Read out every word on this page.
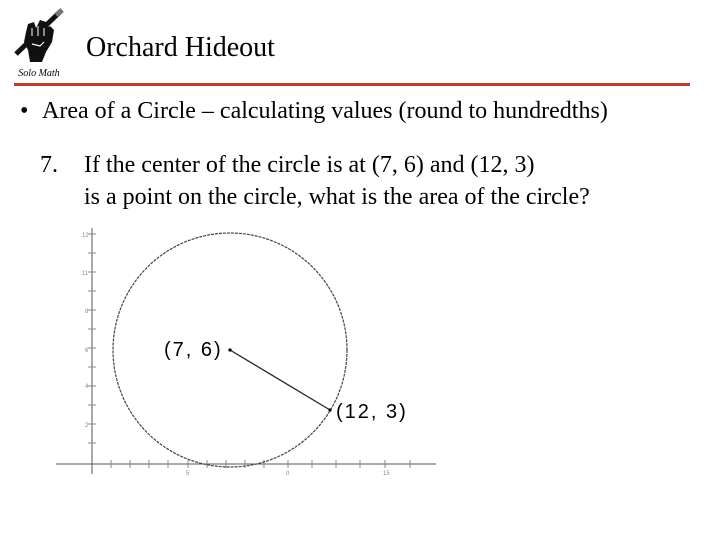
Solo Math
Orchard Hideout
• Area of a Circle – calculating values (round to hundredths)
7. If the center of the circle is at (7, 6) and (12, 3)
is a point on the circle, what is the area of the circle?
12
11
8
6
4
2
5	0	15
(7, 6)
(12, 3)
